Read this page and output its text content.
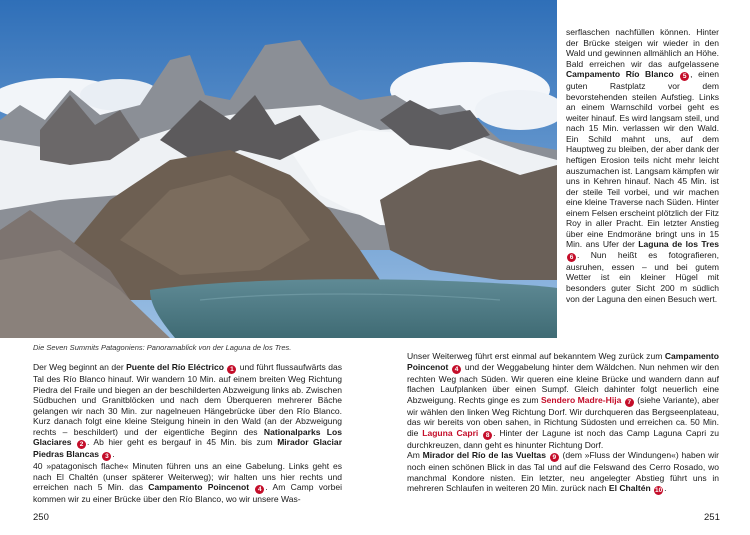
Die Seven Summits Patagoniens: Panoramablick von der Laguna de los Tres.

serflaschen nachfüllen können. Hinter der Brücke steigen wir wieder in den Wald und gewinnen allmählich an Höhe. Bald erreichen wir das aufgelassene Campamento Río Blanco 5 , einen guten Rastplatz vor dem bevorstehenden steilen Aufstieg. Links an einem Warnschild vorbei geht es weiter hinauf. Es wird langsam steil, und nach 15 Min. verlassen wir den Wald. Ein Schild mahnt uns, auf dem Hauptweg zu bleiben, der aber dank der heftigen Erosion teils nicht mehr leicht auszumachen ist. Langsam kämpfen wir uns in Kehren hinauf. Nach 45 Min. ist der steile Teil vorbei, und wir machen eine kleine Traverse nach Süden. Hinter einem Felsen erscheint plötzlich der Fitz Roy in aller Pracht. Ein letzter Anstieg über eine Endmoräne bringt uns in 15 Min. ans Ufer der Laguna de los Tres 6 . Nun heißt es fotografieren, ausruhen, essen – und bei gutem Wetter ist ein kleiner Hügel mit besonders guter Sicht 200 m südlich von der Laguna den einen Besuch wert.

Der Weg beginnt an der Puente del Río Eléctrico 1 und führt flussaufwärts das Tal des Río Blanco hinauf. Wir wandern 10 Min. auf einem breiten Weg Richtung Piedra del Fraile und biegen an der beschilderten Abzweigung links ab. Zwischen Südbuchen und Granitblöcken und nach dem Überqueren mehrerer Bäche gelangen wir nach 30 Min. zur nagelneuen Hängebrücke über den Río Blanco. Kurz danach folgt eine kleine Steigung hinein in den Wald (an der Abzweigung rechts – beschildert) und der eigentliche Beginn des Nationalparks Los Glaciares 2 . Ab hier geht es bergauf in 45 Min. bis zum Mirador Glaciar Piedras Blancas 3 .
40 »patagonisch flache« Minuten führen uns an eine Gabelung. Links geht es nach El Chaltén (unser späterer Weiterweg); wir halten uns hier rechts und erreichen nach 5 Min. das Campamento Poincenot 4 . Am Camp vorbei kommen wir zu einer Brücke über den Río Blanco, wo wir unsere Was-

Unser Weiterweg führt erst einmal auf bekanntem Weg zurück zum Campamento Poincenot 4 und der Weggabelung hinter dem Wäldchen. Nun nehmen wir den rechten Weg nach Süden. Wir queren eine kleine Brücke und wandern dann auf flachen Laufplanken über einen Sumpf. Gleich dahinter folgt neuerlich eine Abzweigung. Rechts ginge es zum Sendero Madre-Hija 7 (siehe Variante), aber wir wählen den linken Weg Richtung Dorf. Wir durchqueren das Bergseenplateau, das wir bereits von oben sahen, in Richtung Südosten und erreichen ca. 50 Min. die Laguna Capri 8 . Hinter der Lagune ist noch das Camp Laguna Capri zu durchkreuzen, dann geht es hinunter Richtung Dorf.
Am Mirador del Río de las Vueltas 9 (dem »Fluss der Windungen«) haben wir noch einen schönen Blick in das Tal und auf die Felswand des Cerro Rosado, wo manchmal Kondore nisten. Ein letzter, neu angelegter Abstieg führt uns in mehreren Schlaufen in weiteren 20 Min. zurück nach El Chaltén 10 .

250	251
